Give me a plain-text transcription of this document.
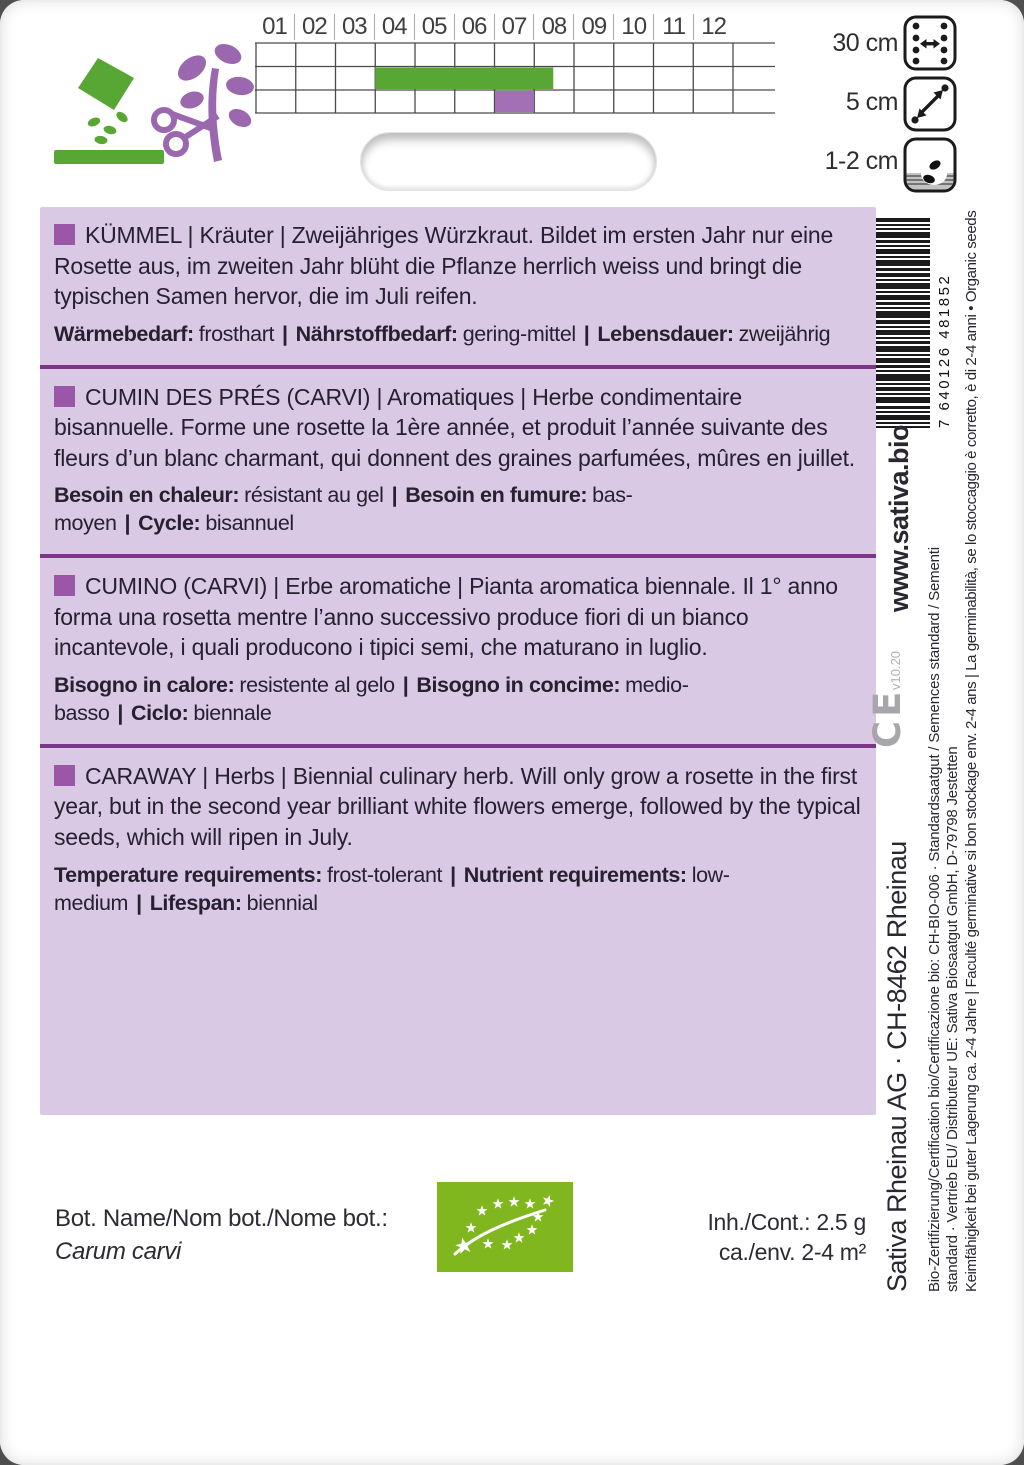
01 02 03 04 05 06 07 08 09 10 11 12
30 cm
5 cm
1-2 cm

KÜMMEL | Kräuter | Zweijähriges Würzkraut. Bildet im ersten Jahr nur eine Rosette aus, im zweiten Jahr blüht die Pflanze herrlich weiss und bringt die typischen Samen hervor, die im Juli reifen.

Wärmebedarf: frosthart | Nährstoffbedarf: gering-mittel | Lebensdauer: zweijährig

CUMIN DES PRÉS (CARVI) | Aromatiques | Herbe condimentaire bisannuelle. Forme une rosette la 1ère année, et produit l’année suivante des fleurs d’un blanc charmant, qui donnent des graines parfumées, mûres en juillet.

Besoin en chaleur: résistant au gel | Besoin en fumure: bas-moyen | Cycle: bisannuel

CUMINO (CARVI) | Erbe aromatiche | Pianta aromatica biennale. Il 1° anno forma una rosetta mentre l’anno successivo produce fiori di un bianco incantevole, i quali producono i tipici semi, che maturano in luglio.

Bisogno in calore: resistente al gelo | Bisogno in concime: medio-basso | Ciclo: biennale

CARAWAY | Herbs | Biennial culinary herb. Will only grow a rosette in the first year, but in the second year brilliant white flowers emerge, followed by the typical seeds, which will ripen in July.

Temperature requirements: frost-tolerant | Nutrient requirements: low-medium | Lifespan: biennial

Bot. Name/Nom bot./Nome bot.:
Carum carvi
Inh./Cont.: 2.5 g
ca./env. 2-4 m²
7 640126 481852
www.sativa.bio
v10.20
CE
Sativa Rheinau AG · CH-8462 Rheinau Bio-Zertifizierung/Certification bio/Certificazione bio: CH-BIO-006 · Standardsaatgut / Semences standard / Sementi standard · Vertrieb EU/ Distributeur UE: Sativa Biosaatgut GmbH, D-79798 Jestetten Keimfähigkeit bei guter Lagerung ca. 2-4 Jahre | Faculté germinative si bon stockage env. 2-4 ans | La germinabilità, se lo stoccaggio è corretto, è di 2-4 anni • Organic seeds
